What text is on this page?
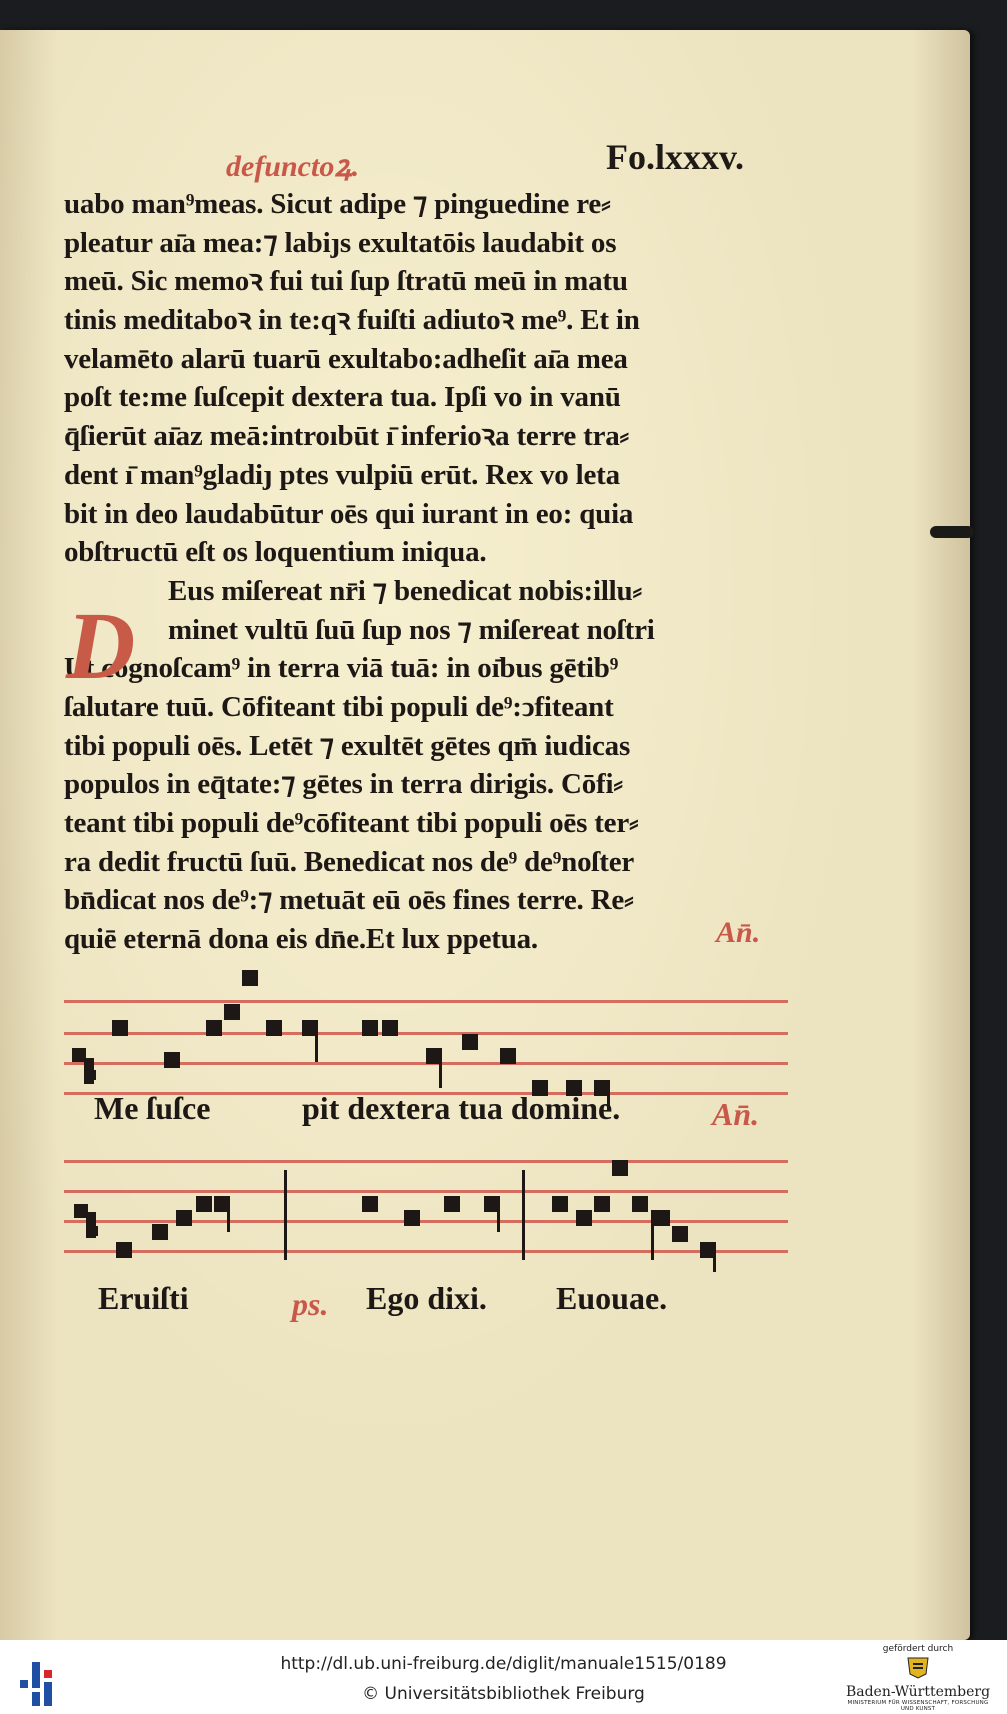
defunctoꝝ.	Fo.lxxxv.
uabo man⁹meas. Sicut adipe ⁊ pinguedine re⸗
pleatur aı̄a mea:⁊ labiȷs exultatōis laudabit os
meū. Sic memoꝛ fui tui ſup ſtratū meū in matu
tinis meditaboꝛ in te:qꝛ fuiſti adiutoꝛ me⁹. Et in
velamēto alarū tuarū exultabo:adheſit aı̄a mea
poſt te:me ſuſcepit dextera tua. Ipſi vo in vanū
q̄ſierūt aı̄az meā:introıbūt ı̄ inferioꝛa terre tra⸗
dent ı̄ man⁹gladiȷ ptes vulpiū erūt. Rex vo leta
bit in deo laudabūtur oēs qui iurant in eo: quia
obſtructū eſt os loquentium iniqua.
Eus miſereat nr̄i ⁊ benedicat nobis:illu⸗
minet vultū ſuū ſup nos ⁊ miſereat noſtri
Ut cognoſcam⁹ in terra viā tuā: in oı̄bus gētib⁹
ſalutare tuū. Cōfiteant tibi populi de⁹:ↄfiteant
tibi populi oēs. Letēt ⁊ exultēt gētes qm̄ iudicas
populos in eq̄tate:⁊ gētes in terra dirigis. Cōfi⸗
teant tibi populi de⁹cōfiteant tibi populi oēs ter⸗
ra dedit fructū ſuū. Benedicat nos de⁹ de⁹noſter
bn̄dicat nos de⁹:⁊ metuāt eū oēs fines terre. Re⸗
quiē eternā dona eis dn̄e.Et lux ppetua.
D
An̄.
Me ſuſce	pit dextera tua domine.	An̄.
Eruiſti	ps. Ego dixi. Euouae.
http://dl.ub.uni-freiburg.de/diglit/manuale1515/0189
© Universitätsbibliothek Freiburg
gefördert durch
Baden-Württemberg
MINISTERIUM FÜR WISSENSCHAFT, FORSCHUNG UND KUNST
